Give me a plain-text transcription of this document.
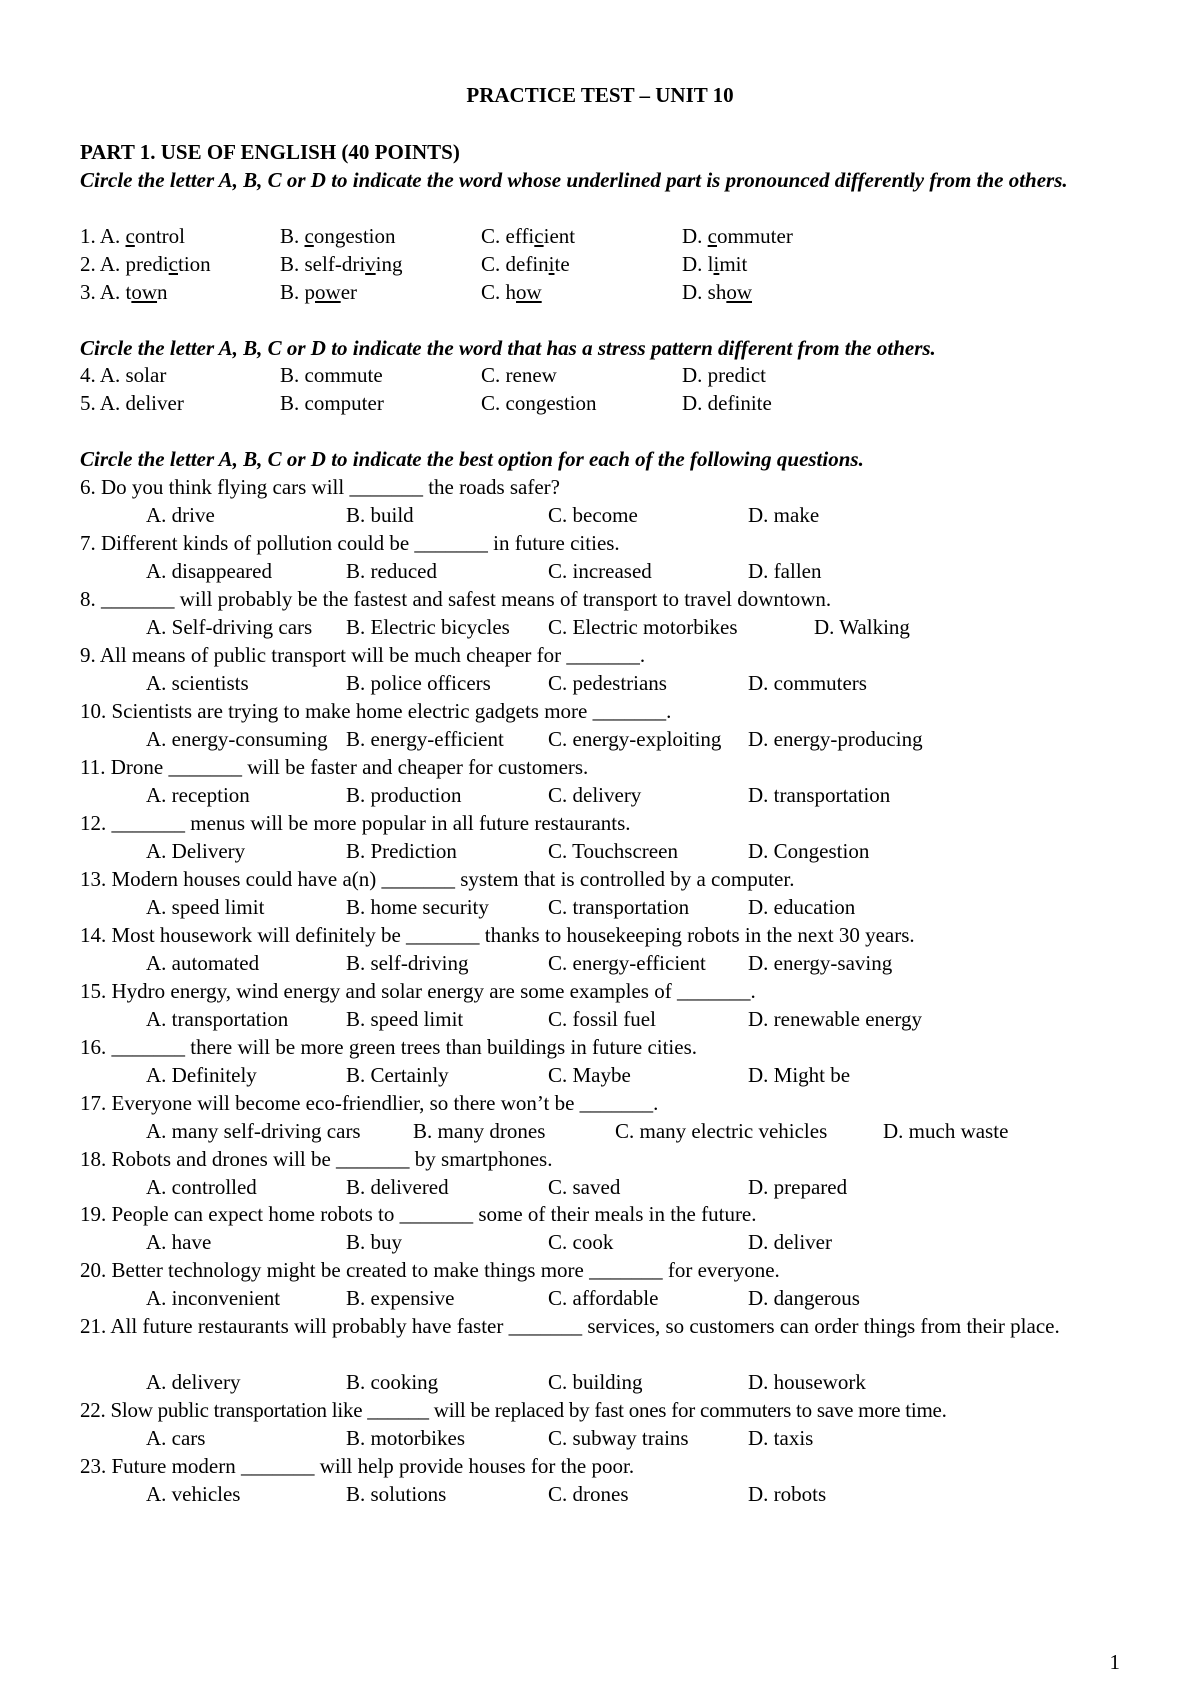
PRACTICE TEST – UNIT 10
PART 1. USE OF ENGLISH (40 POINTS)
Circle the letter A, B, C or D to indicate the word whose underlined part is pronounced differently from the others.
1. A. control	B. congestion	C. efficient	D. commuter
2. A. prediction	B. self-driving	C. definite	D. limit
3. A. town	B. power	C. how	D. show
Circle the letter A, B, C or D to indicate the word that has a stress pattern different from the others.
4. A. solar	B. commute	C. renew	D. predict
5. A. deliver	B. computer	C. congestion	D. definite
Circle the letter A, B, C or D to indicate the best option for each of the following questions.
6. Do you think flying cars will _______ the roads safer?
A. drive	B. build	C. become	D. make
7. Different kinds of pollution could be _______ in future cities.
A. disappeared	B. reduced	C. increased	D. fallen
8. _______ will probably be the fastest and safest means of transport to travel downtown.
A. Self-driving cars B. Electric bicycles C. Electric motorbikes	D. Walking
9. All means of public transport will be much cheaper for _______.
A. scientists	B. police officers	C. pedestrians	D. commuters
10. Scientists are trying to make home electric gadgets more _______.
A. energy-consuming B. energy-efficient C. energy-exploiting D. energy-producing
11. Drone _______ will be faster and cheaper for customers.
A. reception	B. production	C. delivery	D. transportation
12. _______ menus will be more popular in all future restaurants.
A. Delivery	B. Prediction	C. Touchscreen	D. Congestion
13. Modern houses could have a(n) _______ system that is controlled by a computer.
A. speed limit	B. home security	C. transportation	D. education
14. Most housework will definitely be _______ thanks to housekeeping robots in the next 30 years.
A. automated	B. self-driving	C. energy-efficient D. energy-saving
15. Hydro energy, wind energy and solar energy are some examples of _______.
A. transportation	B. speed limit	C. fossil fuel	D. renewable energy
16. _______ there will be more green trees than buildings in future cities.
A. Definitely	B. Certainly	C. Maybe	D. Might be
17. Everyone will become eco-friendlier, so there won’t be _______.
A. many self-driving cars B. many drones	C. many electric vehicles	D. much waste
18. Robots and drones will be _______ by smartphones.
A. controlled	B. delivered	C. saved	D. prepared
19. People can expect home robots to _______ some of their meals in the future.
A. have	B. buy	C. cook	D. deliver
20. Better technology might be created to make things more _______ for everyone.
A. inconvenient	B. expensive	C. affordable	D. dangerous
21. All future restaurants will probably have faster _______ services, so customers can order things from their place.
A. delivery	B. cooking	C. building	D. housework
22. Slow public transportation like ______ will be replaced by fast ones for commuters to save more time.
A. cars	B. motorbikes	C. subway trains	D. taxis
23. Future modern _______ will help provide houses for the poor.
A. vehicles	B. solutions	C. drones	D. robots
1
